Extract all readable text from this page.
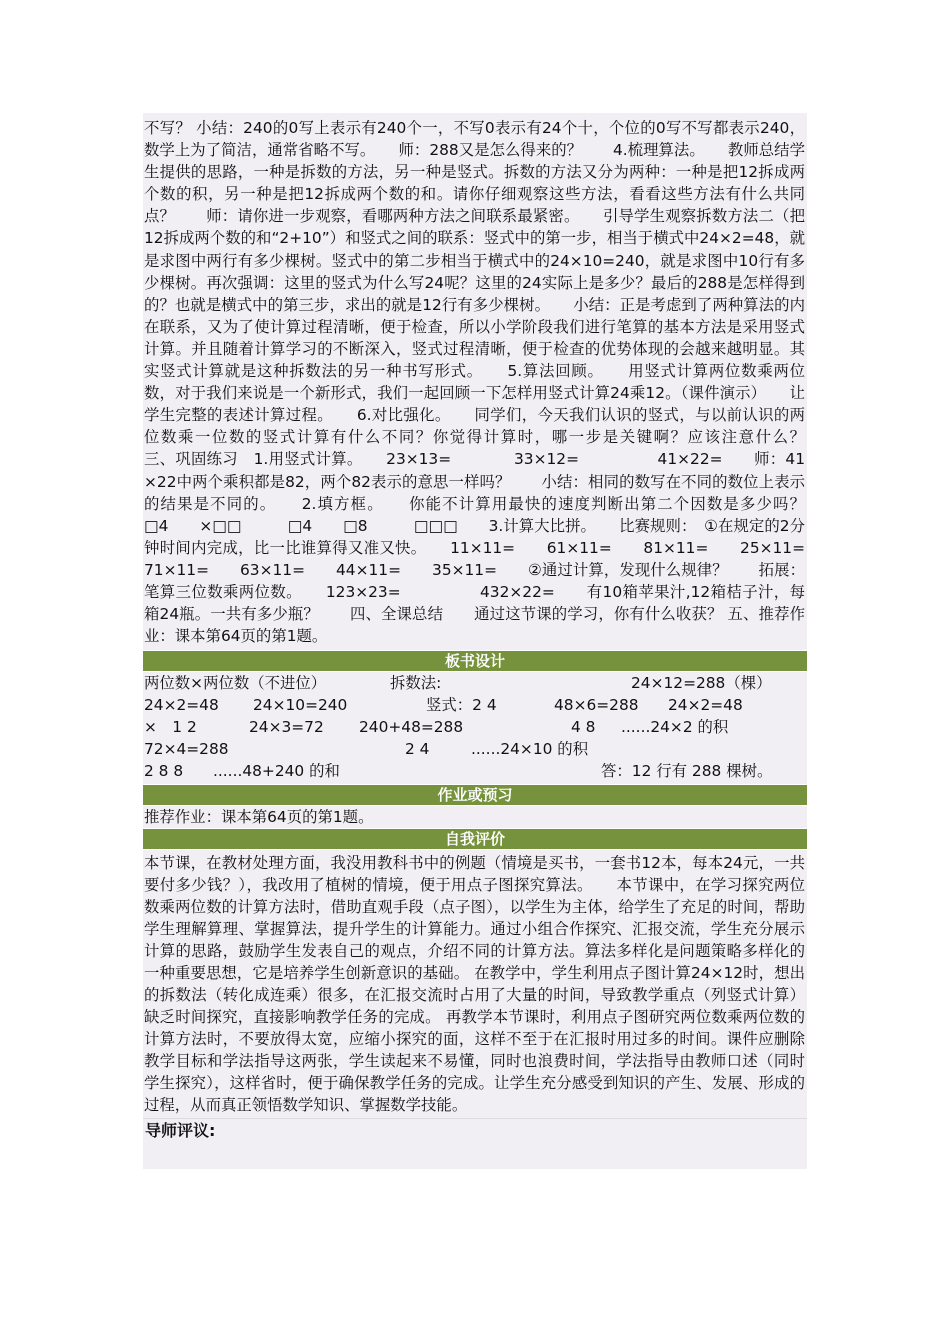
不写？ 小结：240的0写上表示有240个一，不写0表示有24个十，个位的0写不写都表示240，数学上为了简洁，通常省略不写。　　师：288又是怎么得来的？　　4.梳理算法。　　教师总结学生提供的思路，一种是拆数的方法，另一种是竖式。拆数的方法又分为两种：一种是把12拆成两个数的积，另一种是把12拆成两个数的和。请你仔细观察这些方法，看看这些方法有什么共同点？　　师：请你进一步观察，看哪两种方法之间联系最紧密。　　引导学生观察拆数方法二（把12拆成两个数的和“2+10”）和竖式之间的联系：竖式中的第一步，相当于横式中24×2=48，就是求图中两行有多少棵树。竖式中的第二步相当于横式中的24×10=240，就是求图中10行有多少棵树。再次强调：这里的竖式为什么写24呢？这里的24实际上是多少？最后的288是怎样得到的？也就是横式中的第三步，求出的就是12行有多少棵树。　　小结：正是考虑到了两种算法的内在联系，又为了使计算过程清晰，便于检查，所以小学阶段我们进行笔算的基本方法是采用竖式计算。并且随着计算学习的不断深入，竖式过程清晰，便于检查的优势体现的会越来越明显。其实竖式计算就是这种拆数法的另一种书写形式。　　5.算法回顾。　　用竖式计算两位数乘两位数，对于我们来说是一个新形式，我们一起回顾一下怎样用竖式计算24乘12。（课件演示）　　让学生完整的表述计算过程。　　6.对比强化。　　同学们，今天我们认识的竖式，与以前认识的两位数乘一位数的竖式计算有什么不同？你觉得计算时，哪一步是关键啊？应该注意什么？　　三、巩固练习　1.用竖式计算。　　23×13=　　　　33×12=　　　　　41×22=　　师：41×22中两个乘积都是82，两个82表示的意思一样吗？　　小结：相同的数写在不同的数位上表示的结果是不同的。　　2.填方框。　　你能不计算用最快的速度判断出第二个因数是多少吗？　　　　□4　　×□□　　　□4　　□8　　　□□□　　3.计算大比拼。　　比赛规则：　①在规定的2分钟时间内完成，比一比谁算得又准又快。　　11×11=　　61×11=　　81×11=　　25×11=　　71×11=　　63×11=　　44×11=　　35×11=　　②通过计算，发现什么规律？　　拓展：笔算三位数乘两位数。　　123×23=　　　　　432×22=　　有10箱苹果汁,12箱桔子汁，每箱24瓶。一共有多少瓶？　　四、全课总结　　通过这节课的学习，你有什么收获？ 五、推荐作业：课本第64页的第1题。
板书设计
两位数×两位数（不进位）	拆数法:	24×12=288（棵）
24×2=48 24×10=240	竖式：2 4	48×6=288 24×2=48
×　1 2	24×3=72 240+48=288	4 8 ......24×2 的积
72×4=288	2 4	......24×10 的积
2 8 8 ......48+240 的和	答：12 行有 288 棵树。
作业或预习
推荐作业：课本第64页的第1题。
自我评价
本节课，在教材处理方面，我没用教科书中的例题（情境是买书，一套书12本，每本24元，一共要付多少钱？），我改用了植树的情境，便于用点子图探究算法。　　本节课中，在学习探究两位数乘两位数的计算方法时，借助直观手段（点子图），以学生为主体，给学生了充足的时间，帮助学生理解算理、掌握算法，提升学生的计算能力。通过小组合作探究、汇报交流，学生充分展示计算的思路，鼓励学生发表自己的观点，介绍不同的计算方法。算法多样化是问题策略多样化的一种重要思想，它是培养学生创新意识的基础。 在教学中，学生利用点子图计算24×12时，想出的拆数法（转化成连乘）很多，在汇报交流时占用了大量的时间，导致教学重点（列竖式计算）缺乏时间探究，直接影响教学任务的完成。 再教学本节课时，利用点子图研究两位数乘两位数的计算方法时，不要放得太宽，应缩小探究的面，这样不至于在汇报时用过多的时间。课件应删除教学目标和学法指导这两张，学生读起来不易懂，同时也浪费时间，学法指导由教师口述（同时学生探究），这样省时，便于确保教学任务的完成。让学生充分感受到知识的产生、发展、形成的过程，从而真正领悟数学知识、掌握数学技能。
导师评议:
